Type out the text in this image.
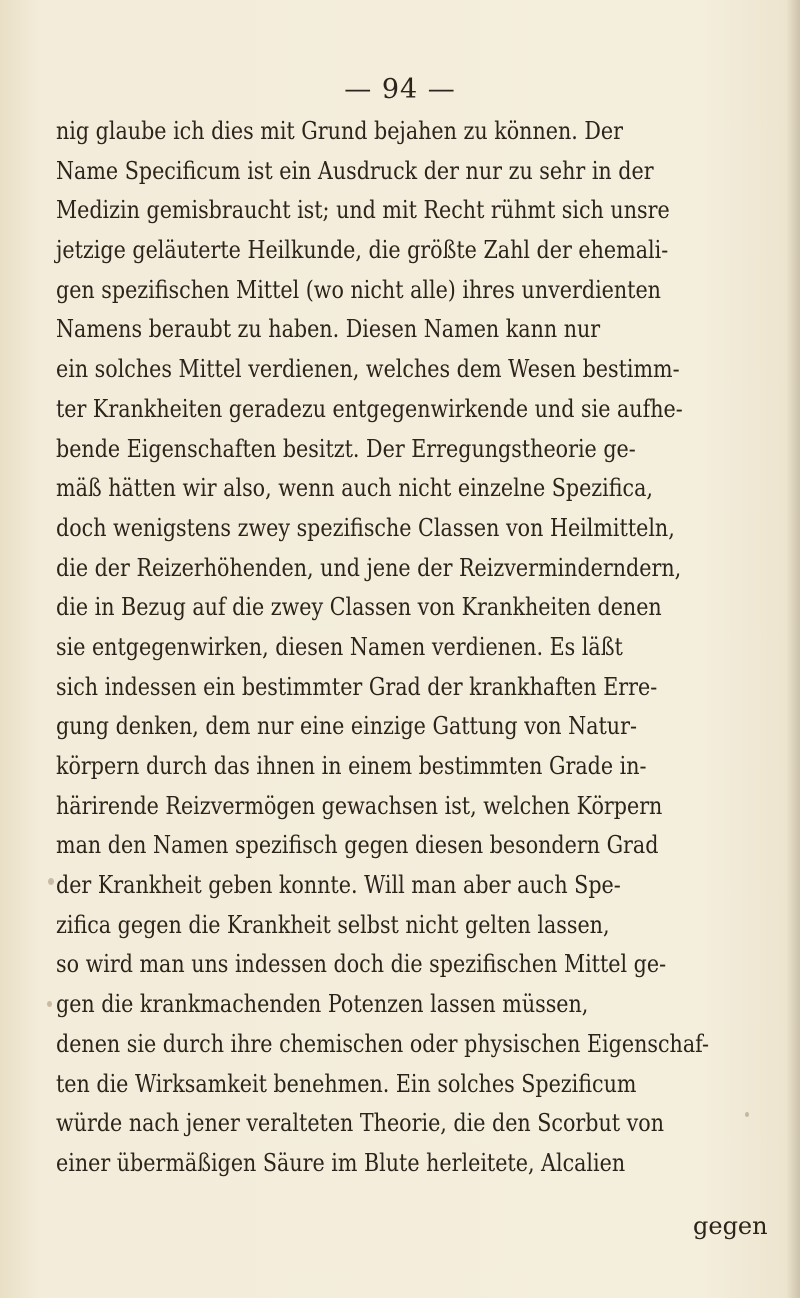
— 94 —
nig glaube ich dies mit Grund bejahen zu können. Der
Name Specificum ist ein Ausdruck der nur zu sehr in der
Medizin gemisbraucht ist; und mit Recht rühmt sich unsre
jetzige geläuterte Heilkunde, die größte Zahl der ehemali-
gen spezifischen Mittel (wo nicht alle) ihres unverdienten
Namens beraubt zu haben. Diesen Namen kann nur
ein solches Mittel verdienen, welches dem Wesen bestimm-
ter Krankheiten geradezu entgegenwirkende und sie aufhe-
bende Eigenschaften besitzt. Der Erregungstheorie ge-
mäß hätten wir also, wenn auch nicht einzelne Spezifica,
doch wenigstens zwey spezifische Classen von Heilmitteln,
die der Reizerhöhenden, und jene der Reizverminderndern,
die in Bezug auf die zwey Classen von Krankheiten denen
sie entgegenwirken, diesen Namen verdienen. Es läßt
sich indessen ein bestimmter Grad der krankhaften Erre-
gung denken, dem nur eine einzige Gattung von Natur-
körpern durch das ihnen in einem bestimmten Grade in-
härirende Reizvermögen gewachsen ist, welchen Körpern
man den Namen spezifisch gegen diesen besondern Grad
der Krankheit geben konnte. Will man aber auch Spe-
zifica gegen die Krankheit selbst nicht gelten lassen,
so wird man uns indessen doch die spezifischen Mittel ge-
gen die krankmachenden Potenzen lassen müssen,
denen sie durch ihre chemischen oder physischen Eigenschaf-
ten die Wirksamkeit benehmen. Ein solches Spezificum
würde nach jener veralteten Theorie, die den Scorbut von
einer übermäßigen Säure im Blute herleitete, Alcalien
gegen
